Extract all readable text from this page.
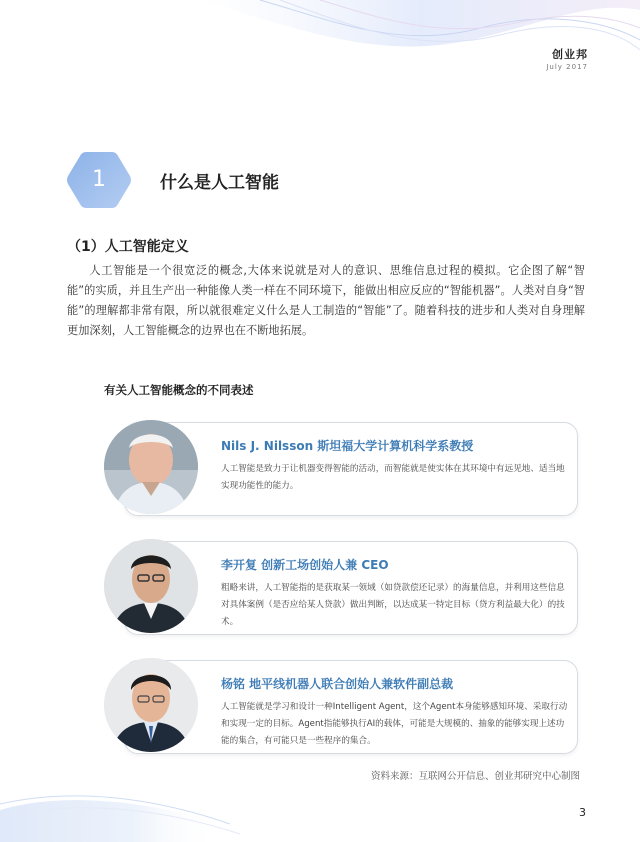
创业邦
July 2017
1	什么是人工智能
（1）人工智能定义
人工智能是一个很宽泛的概念,大体来说就是对人的意识、思维信息过程的模拟。它企图了解“智能”的实质，并且生产出一种能像人类一样在不同环境下，能做出相应反应的“智能机器”。人类对自身“智能”的理解都非常有限，所以就很难定义什么是人工制造的“智能”了。随着科技的进步和人类对自身理解更加深刻，人工智能概念的边界也在不断地拓展。
有关人工智能概念的不同表述
Nils J. Nilsson 斯坦福大学计算机科学系教授
人工智能是致力于让机器变得智能的活动，而智能就是使实体在其环境中有远见地、适当地实现功能性的能力。
李开复 创新工场创始人兼 CEO
粗略来讲，人工智能指的是获取某一领域（如贷款偿还记录）的海量信息，并利用这些信息对具体案例（是否应给某人贷款）做出判断，以达成某一特定目标（贷方利益最大化）的技术。
杨铭 地平线机器人联合创始人兼软件副总裁
人工智能就是学习和设计一种Intelligent Agent，这个Agent本身能够感知环境、采取行动和实现一定的目标。Agent指能够执行AI的载体，可能是大规模的、抽象的能够实现上述功能的集合，有可能只是一些程序的集合。
资料来源：互联网公开信息、创业邦研究中心制图
3
